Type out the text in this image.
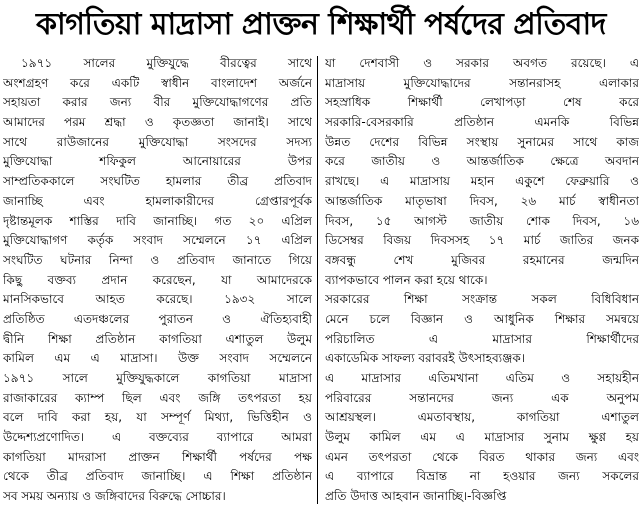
কাগতিয়া মাদ্রাসা প্রাক্তন শিক্ষার্থী পর্ষদের প্রতিবাদ
১৯৭১ সালের মুক্তিযুদ্ধে বীরত্বের সাথে
অংশগ্রহণ করে একটি স্বাধীন বাংলাদেশ অর্জনে
সহায়তা করার জন্য বীর মুক্তিযোদ্ধাগণের প্রতি
আমাদের পরম শ্রদ্ধা ও কৃতজ্ঞতা জানাই। সাথে
সাথে রাউজানের মুক্তিযোদ্ধা সংসদের সদস্য
মুক্তিযোদ্ধা শফিকুল আনোয়ারের উপর
সাম্প্রতিককালে সংঘটিত হামলার তীব্র প্রতিবাদ
জানাচ্ছি এবং হামলাকারীদের গ্রেপ্তারপূর্বক
দৃষ্টান্তমূলক শাস্তির দাবি জানাচ্ছি। গত ২০ এপ্রিল
মুক্তিযোদ্ধাগণ কর্তৃক সংবাদ সম্মেলনে ১৭ এপ্রিল
সংঘটিত ঘটনার নিন্দা ও প্রতিবাদ জানাতে গিয়ে
কিছু বক্তব্য প্রদান করেছেন, যা আমাদেরকে
মানসিকভাবে আহত করেছে। ১৯৩২ সালে
প্রতিষ্ঠিত এতদঞ্চলের পুরাতন ও ঐতিহ্যবাহী
দ্বীনি শিক্ষা প্রতিষ্ঠান কাগতিয়া এশাতুল উলুম
কামিল এম এ মাদ্রাসা। উক্ত সংবাদ সম্মেলনে
১৯৭১ সালে মুক্তিযুদ্ধকালে কাগতিয়া মাদ্রাসা
রাজাকারের ক্যাম্প ছিল এবং জঙ্গি তৎপরতা হয়
বলে দাবি করা হয়, যা সম্পূর্ণ মিথ্যা, ভিত্তিহীন ও
উদ্দেশ্যপ্রণোদিত। এ বক্তব্যের ব্যাপারে আমরা
কাগতিয়া মাদরাসা প্রাক্তন শিক্ষার্থী পর্ষদের পক্ষ
থেকে তীব্র প্রতিবাদ জানাচ্ছি। এ শিক্ষা প্রতিষ্ঠান
সব সময় অন্যায় ও জঙ্গিবাদের বিরুদ্ধে সোচ্চার।
যা দেশবাসী ও সরকার অবগত রয়েছে। এ
মাদ্রাসায় মুক্তিযোদ্ধাদের সন্তানরাসহ এলাকার
সহস্রাধিক শিক্ষার্থী লেখাপড়া শেষ করে
সরকারি-বেসরকারি প্রতিষ্ঠান এমনকি বিভিন্ন
উন্নত দেশের বিভিন্ন সংস্থায় সুনামের সাথে কাজ
করে জাতীয় ও আন্তর্জাতিক ক্ষেত্রে অবদান
রাখছে। এ মাদ্রাসায় মহান একুশে ফেব্রুয়ারি ও
আন্তর্জাতিক মাতৃভাষা দিবস, ২৬ মার্চ স্বাধীনতা
দিবস, ১৫ আগস্ট জাতীয় শোক দিবস, ১৬
ডিসেম্বর বিজয় দিবসসহ ১৭ মার্চ জাতির জনক
বঙ্গবন্ধু শেখ মুজিবর রহমানের জন্মদিন
ব্যাপকভাবে পালন করা হয়ে থাকে।
সরকারের শিক্ষা সংক্রান্ত সকল বিধিবিধান
মেনে চলে বিজ্ঞান ও আধুনিক শিক্ষার সমন্বয়ে
পরিচালিত এ মাদ্রাসার শিক্ষার্থীদের
একাডেমিক সাফল্য বরাবরই উৎসাহব্যঞ্জক।
এ মাদ্রাসার এতিমখানা এতিম ও সহায়হীন
পরিবারের সন্তানদের জন্য এক অনুপম
আশ্রয়স্থল। এমতাবস্থায়, কাগতিয়া এশাতুল
উলুম কামিল এম এ মাদ্রাসার সুনাম ক্ষুণ্ণ হয়
এমন তৎপরতা থেকে বিরত থাকার জন্য এবং
এ ব্যাপারে বিভ্রান্ত না হওয়ার জন্য সকলের
প্রতি উদাত্ত আহবান জানাচ্ছি।-বিজ্ঞপ্তি
